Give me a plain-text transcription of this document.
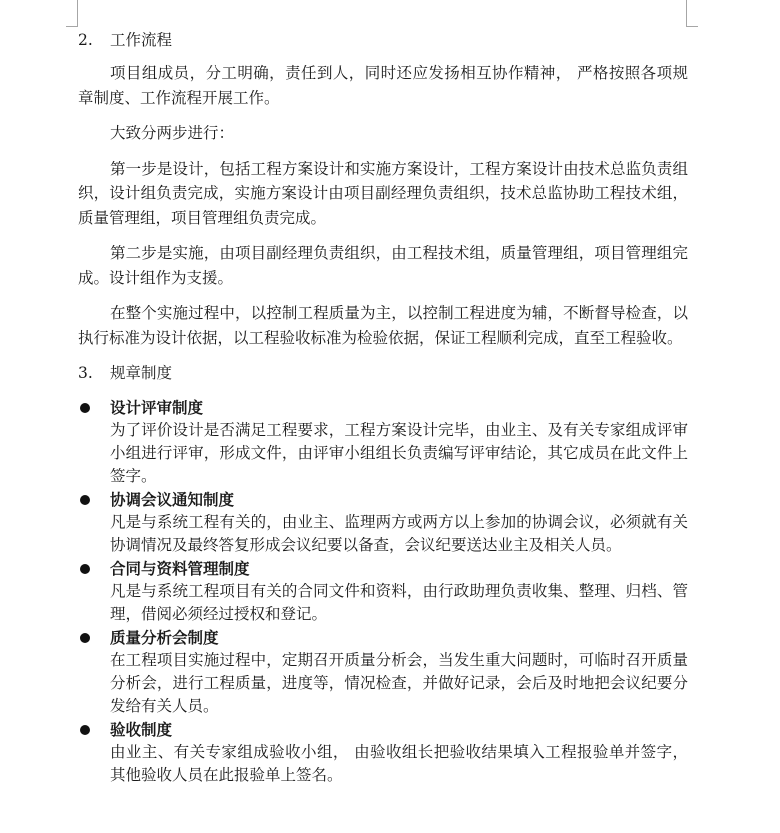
2. 工作流程

项目组成员，分工明确，责任到人，同时还应发扬相互协作精神， 严格按照各项规章制度、工作流程开展工作。

大致分两步进行：

第一步是设计，包括工程方案设计和实施方案设计，工程方案设计由技术总监负责组织，设计组负责完成，实施方案设计由项目副经理负责组织，技术总监协助工程技术组，质量管理组，项目管理组负责完成。

第二步是实施，由项目副经理负责组织，由工程技术组，质量管理组，项目管理组完成。设计组作为支援。

在整个实施过程中，以控制工程质量为主，以控制工程进度为辅，不断督导检查，以执行标准为设计依据，以工程验收标准为检验依据，保证工程顺利完成，直至工程验收。

3. 规章制度

设计评审制度

为了评价设计是否满足工程要求，工程方案设计完毕，由业主、及有关专家组成评审小组进行评审，形成文件，由评审小组组长负责编写评审结论，其它成员在此文件上签字。

协调会议通知制度

凡是与系统工程有关的，由业主、监理两方或两方以上参加的协调会议，必须就有关协调情况及最终答复形成会议纪要以备查，会议纪要送达业主及相关人员。

合同与资料管理制度

凡是与系统工程项目有关的合同文件和资料，由行政助理负责收集、整理、归档、管理，借阅必须经过授权和登记。

质量分析会制度

在工程项目实施过程中，定期召开质量分析会，当发生重大问题时，可临时召开质量分析会，进行工程质量，进度等，情况检查，并做好记录，会后及时地把会议纪要分发给有关人员。

验收制度

由业主、有关专家组成验收小组， 由验收组长把验收结果填入工程报验单并签字， 其他验收人员在此报验单上签名。
